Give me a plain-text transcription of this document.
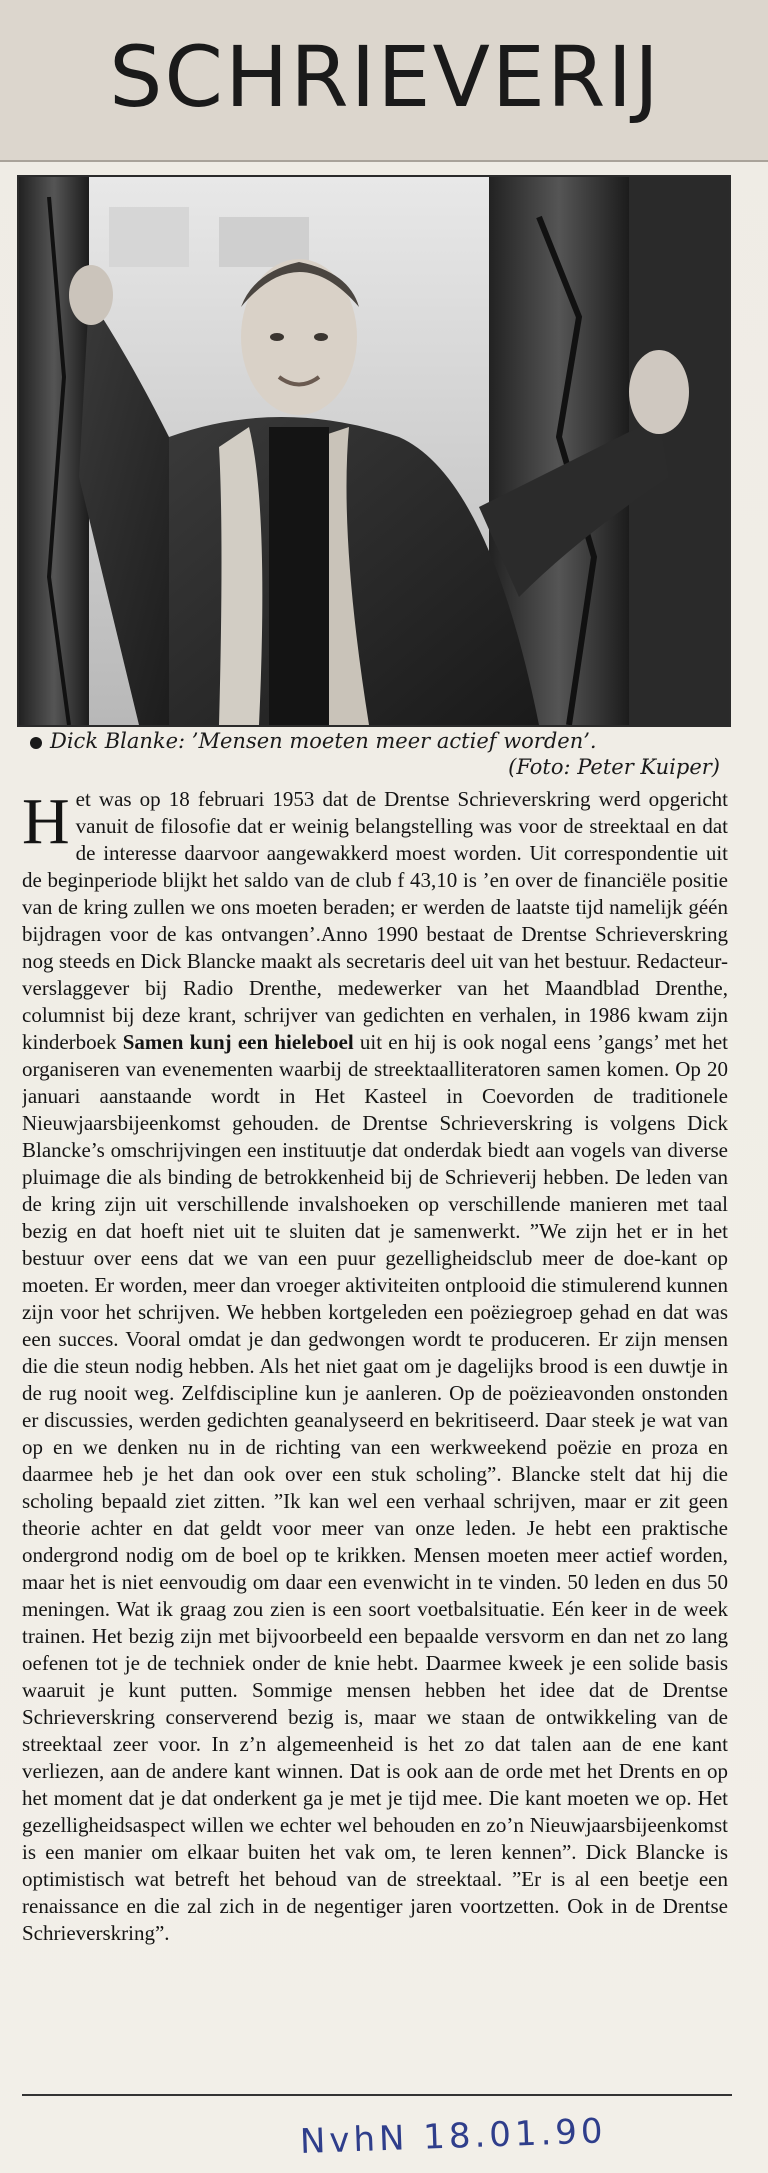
SCHRIEVERIJ
Dick Blanke: ’Mensen moeten meer actief worden’.
(Foto: Peter Kuiper)
Het was op 18 februari 1953 dat de Drentse Schrieverskring werd opgericht vanuit de filosofie dat er weinig belangstelling was voor de streektaal en dat de interesse daarvoor aangewakkerd moest worden. Uit correspondentie uit de beginperiode blijkt het saldo van de club f 43,10 is ’en over de financiële positie van de kring zullen we ons moeten beraden; er werden de laatste tijd namelijk géén bijdragen voor de kas ontvangen’.Anno 1990 bestaat de Drentse Schrieverskring nog steeds en Dick Blancke maakt als secretaris deel uit van het bestuur. Redacteur-verslaggever bij Radio Drenthe, medewerker van het Maandblad Drenthe, columnist bij deze krant, schrijver van gedichten en verhalen, in 1986 kwam zijn kinderboek Samen kunj een hieleboel uit en hij is ook nogal eens ’gangs’ met het organiseren van evenementen waarbij de streektaalliteratoren samen komen. Op 20 januari aanstaande wordt in Het Kasteel in Coevorden de traditionele Nieuwjaarsbijeenkomst gehouden. de Drentse Schrieverskring is volgens Dick Blancke’s omschrijvingen een instituutje dat onderdak biedt aan vogels van diverse pluimage die als binding de betrokkenheid bij de Schrieverij hebben. De leden van de kring zijn uit verschillende invalshoeken op verschillende manieren met taal bezig en dat hoeft niet uit te sluiten dat je samenwerkt. ”We zijn het er in het bestuur over eens dat we van een puur gezelligheidsclub meer de doe-kant op moeten. Er worden, meer dan vroeger aktiviteiten ontplooid die stimulerend kunnen zijn voor het schrijven. We hebben kortgeleden een poëziegroep gehad en dat was een succes. Vooral omdat je dan gedwongen wordt te produceren. Er zijn mensen die die steun nodig hebben. Als het niet gaat om je dagelijks brood is een duwtje in de rug nooit weg. Zelfdiscipline kun je aanleren. Op de poëzieavonden onstonden er discussies, werden gedichten geanalyseerd en bekritiseerd. Daar steek je wat van op en we denken nu in de richting van een werkweekend poëzie en proza en daarmee heb je het dan ook over een stuk scholing”. Blancke stelt dat hij die scholing bepaald ziet zitten. ”Ik kan wel een verhaal schrijven, maar er zit geen theorie achter en dat geldt voor meer van onze leden. Je hebt een praktische ondergrond nodig om de boel op te krikken. Mensen moeten meer actief worden, maar het is niet eenvoudig om daar een evenwicht in te vinden. 50 leden en dus 50 meningen. Wat ik graag zou zien is een soort voetbalsituatie. Eén keer in de week trainen. Het bezig zijn met bijvoorbeeld een bepaalde versvorm en dan net zo lang oefenen tot je de techniek onder de knie hebt. Daarmee kweek je een solide basis waaruit je kunt putten. Sommige mensen hebben het idee dat de Drentse Schrieverskring conserverend bezig is, maar we staan de ontwikkeling van de streektaal zeer voor. In z’n algemeenheid is het zo dat talen aan de ene kant verliezen, aan de andere kant winnen. Dat is ook aan de orde met het Drents en op het moment dat je dat onderkent ga je met je tijd mee. Die kant moeten we op. Het gezelligheidsaspect willen we echter wel behouden en zo’n Nieuwjaarsbijeenkomst is een manier om elkaar buiten het vak om, te leren kennen”. Dick Blancke is optimistisch wat betreft het behoud van de streektaal. ”Er is al een beetje een renaissance en die zal zich in de negentiger jaren voortzetten. Ook in de Drentse Schrieverskring”.
NvhN 18.01.90
